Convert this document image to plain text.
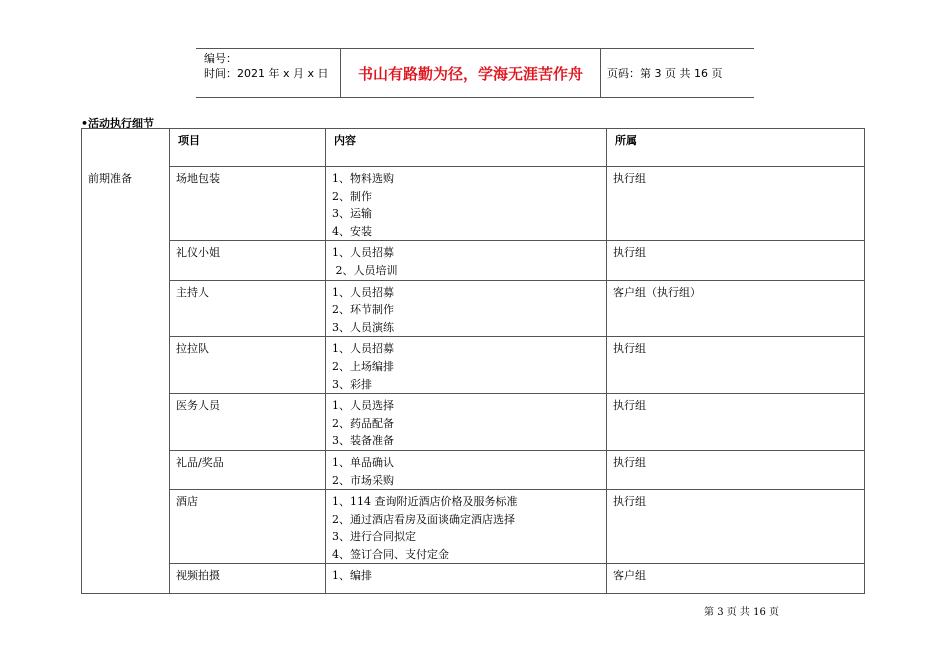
编号：
时间：2021 年 x 月 x 日	书山有路勤为径，学海无涯苦作舟	页码：第 3 页 共 16 页
•活动执行细节
	项目	内容	所属
前期准备	场地包装	1、物料选购
2、制作
3、运输
4、安装	执行组
	礼仪小姐	1、人员招募
2、人员培训	执行组
	主持人	1、人员招募
2、环节制作
3、人员演练	客户组（执行组）
	拉拉队	1、人员招募
2、上场编排
3、彩排	执行组
	医务人员	1、人员选择
2、药品配备
3、装备准备	执行组
	礼品/奖品	1、单品确认
2、市场采购	执行组
	酒店	1、114 查询附近酒店价格及服务标准
2、通过酒店看房及面谈确定酒店选择
3、进行合同拟定
4、签订合同、支付定金	执行组
	视频拍摄	1、编排	客户组
第 3 页 共 16 页
